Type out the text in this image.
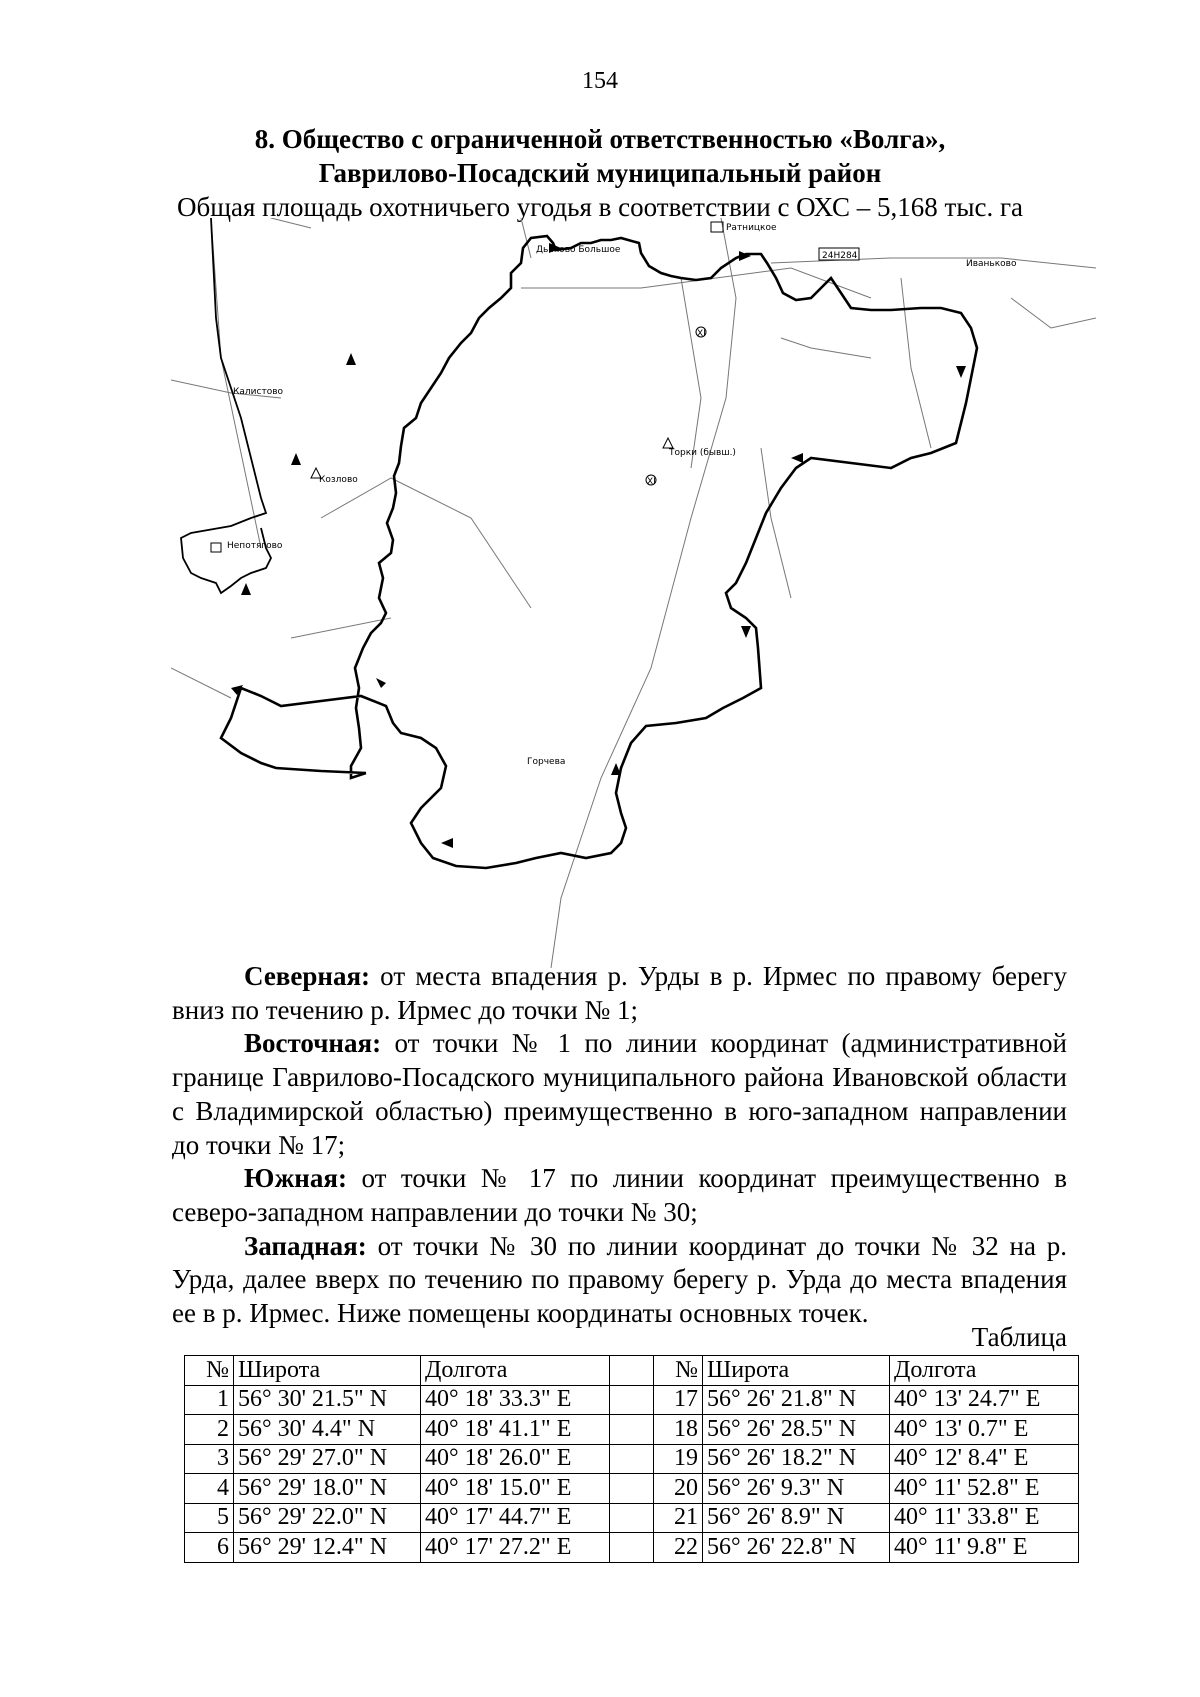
154
8. Общество с ограниченной ответственностью «Волга»,
Гаврилово-Посадский муниципальный район
Общая площадь охотничьего угодья в соответствии с ОХС – 5,168 тыс. га
Ратницкое
Дьяково Большое
24Н284
Иваньково
Калистово
Козлово
Торки (бывш.)
Непотягово
Горчева
XI
XI

Северная: от места впадения р. Урды в р. Ирмес по правому берегу вниз по течению р. Ирмес до точки № 1;

Восточная: от точки № 1 по линии координат (административной границе Гаврилово-Посадского муниципального района Ивановской области с Владимирской областью) преимущественно в юго-западном направлении до точки № 17;

Южная: от точки № 17 по линии координат преимущественно в северо-западном направлении до точки № 30;

Западная: от точки № 30 по линии координат до точки № 32 на р. Урда, далее вверх по течению по правому берегу р. Урда до места впадения ее в р. Ирмес. Ниже помещены координаты основных точек.

Таблица
№	Широта	Долгота		№	Широта	Долгота
1	56° 30' 21.5" N	40° 18' 33.3" E		17	56° 26' 21.8" N	40° 13' 24.7" E
2	56° 30' 4.4" N	40° 18' 41.1" E		18	56° 26' 28.5" N	40° 13' 0.7" E
3	56° 29' 27.0" N	40° 18' 26.0" E		19	56° 26' 18.2" N	40° 12' 8.4" E
4	56° 29' 18.0" N	40° 18' 15.0" E		20	56° 26' 9.3" N	40° 11' 52.8" E
5	56° 29' 22.0" N	40° 17' 44.7" E		21	56° 26' 8.9" N	40° 11' 33.8" E
6	56° 29' 12.4" N	40° 17' 27.2" E		22	56° 26' 22.8" N	40° 11' 9.8" E
